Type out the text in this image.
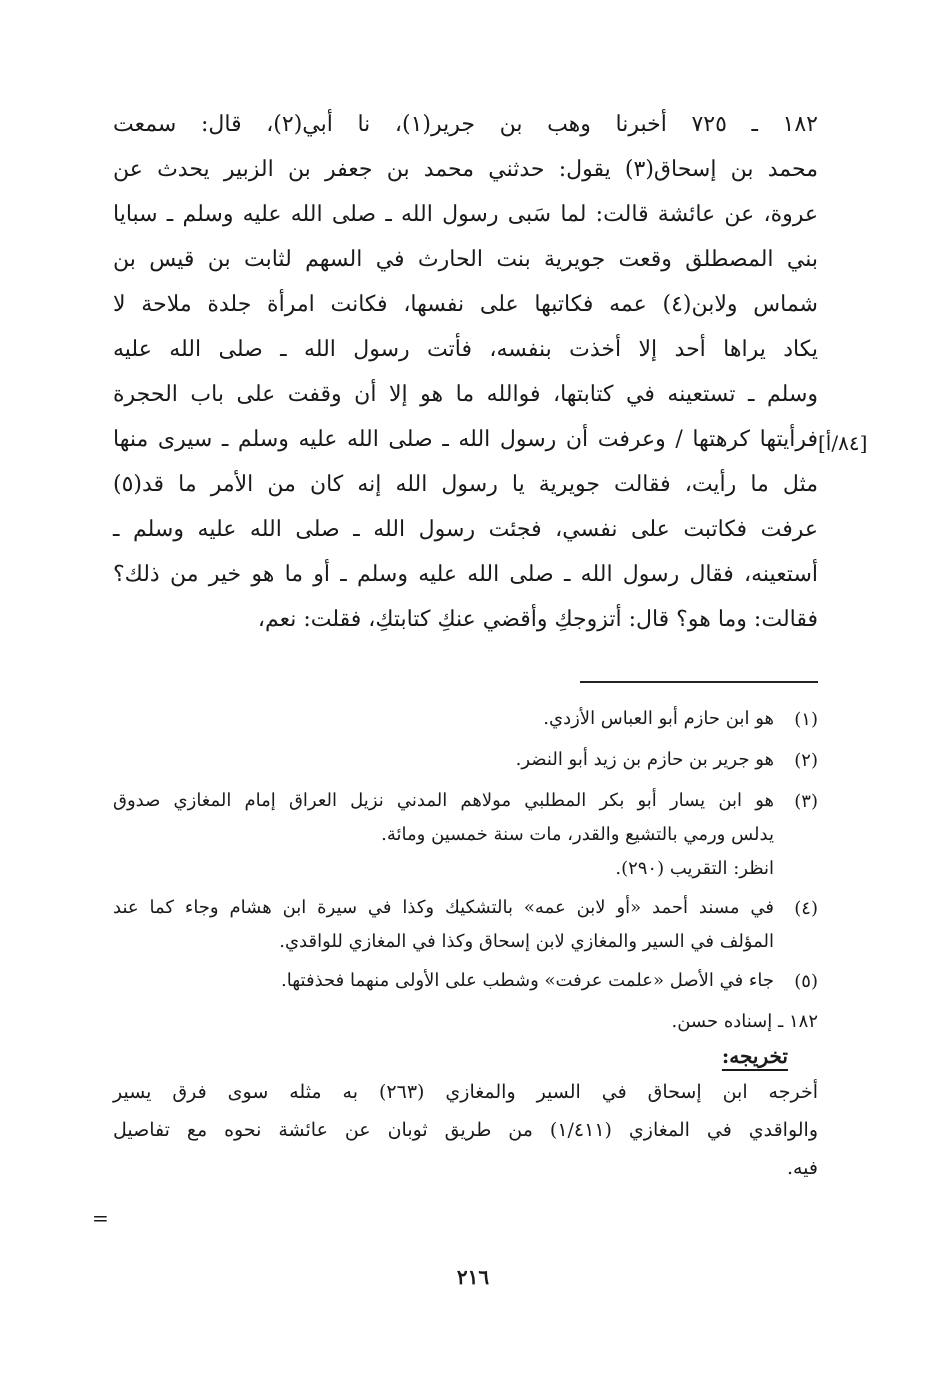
١٨٢ ـ ٧٢٥ أخبرنا وهب بن جرير(١)، نا أبي(٢)، قال: سمعت
محمد بن إسحاق(٣) يقول: حدثني محمد بن جعفر بن الزبير يحدث عن
عروة، عن عائشة قالت: لما سَبى رسول الله ـ صلى الله عليه وسلم ـ سبايا
بني المصطلق وقعت جويرية بنت الحارث في السهم لثابت بن قيس بن
شماس ولابن(٤) عمه فكاتبها على نفسها، فكانت امرأة جلدة ملاحة لا
يكاد يراها أحد إلا أخذت بنفسه، فأتت رسول الله ـ صلى الله عليه
وسلم ـ تستعينه في كتابتها، فوالله ما هو إلا أن وقفت على باب الحجرة
فرأيتها كرهتها / وعرفت أن رسول الله ـ صلى الله عليه وسلم ـ سيرى منها
مثل ما رأيت، فقالت جويرية يا رسول الله إنه كان من الأمر ما قد(٥)
عرفت فكاتبت على نفسي، فجئت رسول الله ـ صلى الله عليه وسلم ـ
أستعينه، فقال رسول الله ـ صلى الله عليه وسلم ـ أو ما هو خير من ذلك؟
فقالت: وما هو؟ قال: أتزوجكِ وأقضي عنكِ كتابتكِ، فقلت: نعم،
[٨٤/أ]
(١)
هو ابن حازم أبو العباس الأزدي.
(٢)
هو جرير بن حازم بن زيد أبو النضر.
(٣)
هو ابن يسار أبو بكر المطلبي مولاهم المدني نزيل العراق إمام المغازي صدوق
يدلس ورمي بالتشيع والقدر، مات سنة خمسين ومائة.
انظر: التقريب (٢٩٠).
(٤)
في مسند أحمد «أو لابن عمه» بالتشكيك وكذا في سيرة ابن هشام وجاء كما عند
المؤلف في السير والمغازي لابن إسحاق وكذا في المغازي للواقدي.
(٥)
جاء في الأصل «علمت عرفت» وشطب على الأولى منهما فحذفتها.
١٨٢ ـ إسناده حسن.
تخريجه:
أخرجه ابن إسحاق في السير والمغازي (٢٦٣) به مثله سوى فرق يسير
والواقدي في المغازي (١/٤١١) من طريق ثوبان عن عائشة نحوه مع تفاصيل
فيه.
=
٢١٦
